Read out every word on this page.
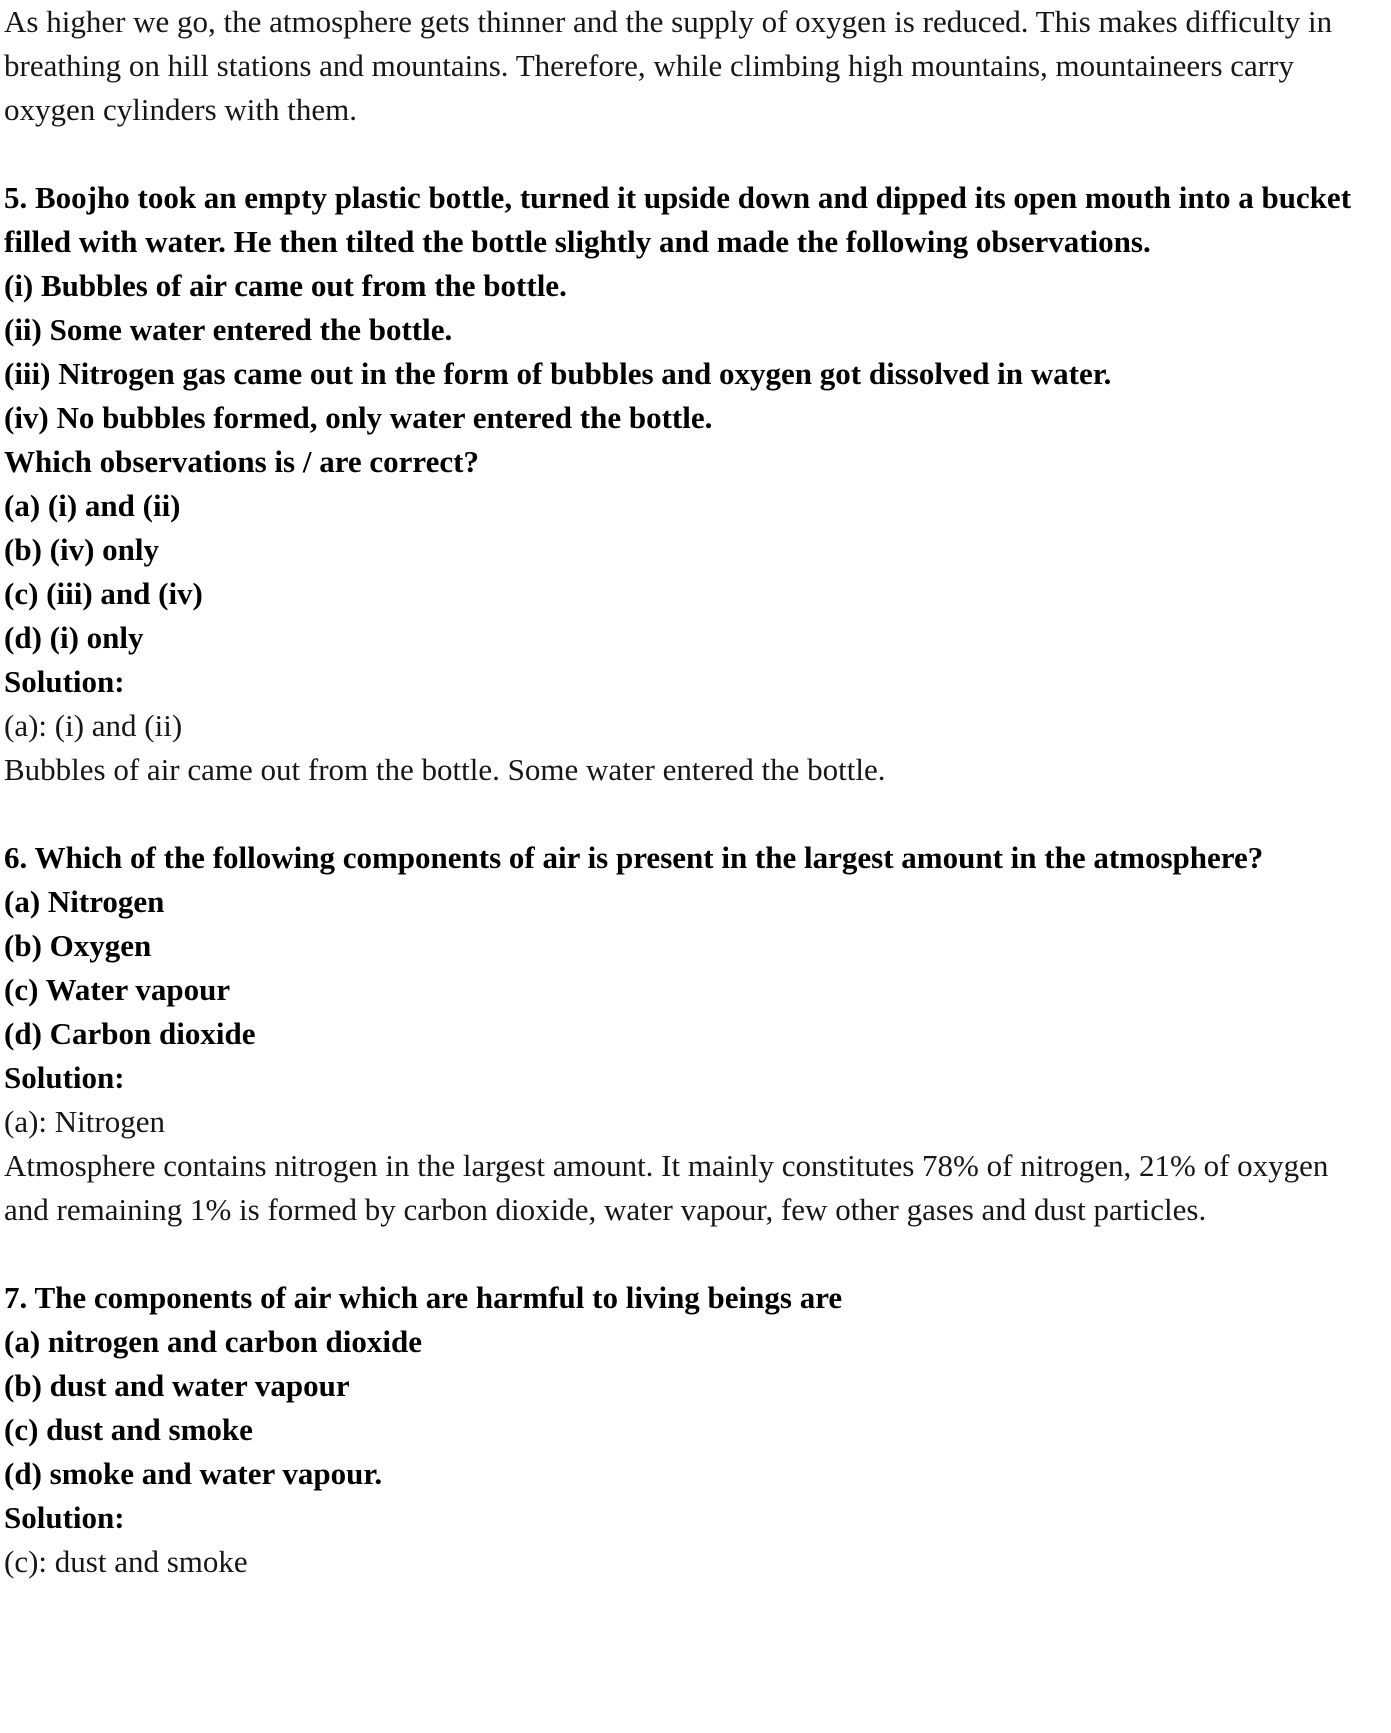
As higher we go, the atmosphere gets thinner and the supply of oxygen is reduced. This makes difficulty in breathing on hill stations and mountains. Therefore, while climbing high mountains, mountaineers carry oxygen cylinders with them.

5. Boojho took an empty plastic bottle, turned it upside down and dipped its open mouth into a bucket filled with water. He then tilted the bottle slightly and made the following observations.

(i) Bubbles of air came out from the bottle.

(ii) Some water entered the bottle.

(iii) Nitrogen gas came out in the form of bubbles and oxygen got dissolved in water.

(iv) No bubbles formed, only water entered the bottle.

Which observations is / are correct?

(a) (i) and (ii)

(b) (iv) only

(c) (iii) and (iv)

(d) (i) only

Solution:

(a): (i) and (ii)

Bubbles of air came out from the bottle. Some water entered the bottle.

6. Which of the following components of air is present in the largest amount in the atmosphere?

(a) Nitrogen

(b) Oxygen

(c) Water vapour

(d) Carbon dioxide

Solution:

(a): Nitrogen

Atmosphere contains nitrogen in the largest amount. It mainly constitutes 78% of nitrogen, 21% of oxygen and remaining 1% is formed by carbon dioxide, water vapour, few other gases and dust particles.

7. The components of air which are harmful to living beings are

(a) nitrogen and carbon dioxide

(b) dust and water vapour

(c) dust and smoke

(d) smoke and water vapour.

Solution:

(c): dust and smoke
